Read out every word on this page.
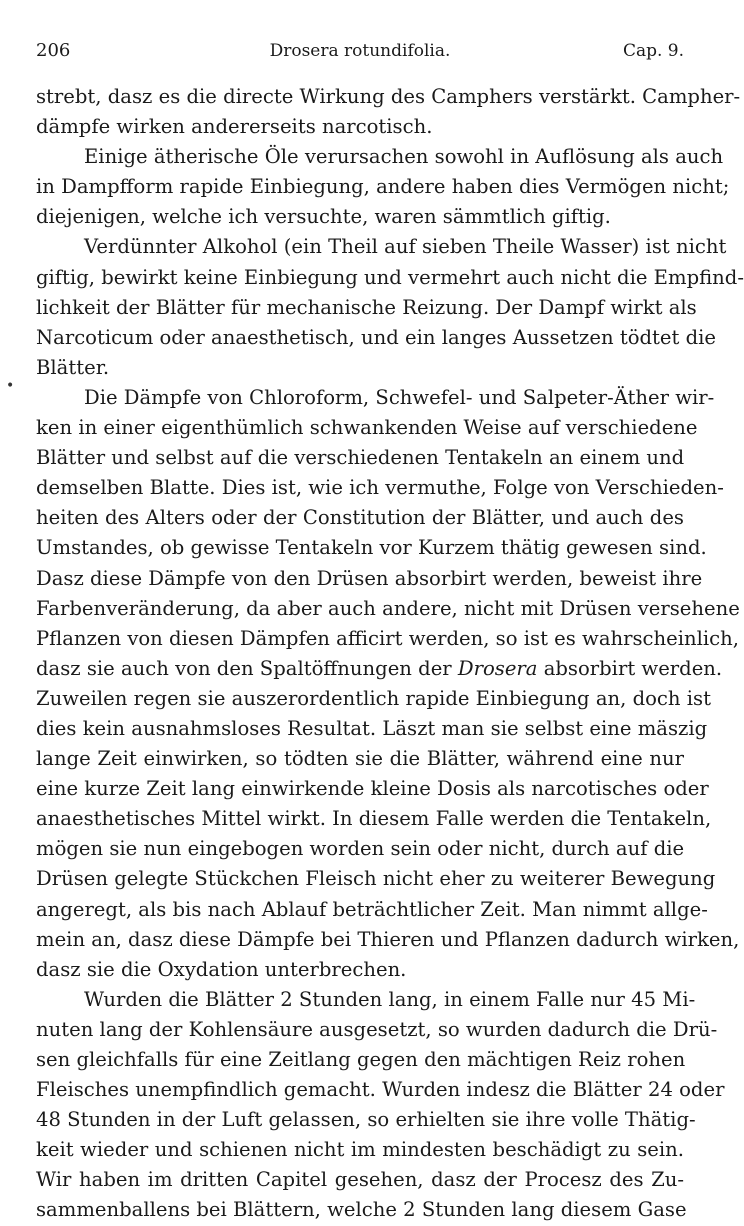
206	Drosera rotundifolia.	Cap. 9.
strebt, dasz es die directe Wirkung des Camphers verstärkt. Campher-
dämpfe wirken andererseits narcotisch.
Einige ätherische Öle verursachen sowohl in Auflösung als auch
in Dampfform rapide Einbiegung, andere haben dies Vermögen nicht;
diejenigen, welche ich versuchte, waren sämmtlich giftig.
Verdünnter Alkohol (ein Theil auf sieben Theile Wasser) ist nicht
giftig, bewirkt keine Einbiegung und vermehrt auch nicht die Empfind-
lichkeit der Blätter für mechanische Reizung. Der Dampf wirkt als
Narcoticum oder anaesthetisch, und ein langes Aussetzen tödtet die
Blätter.
Die Dämpfe von Chloroform, Schwefel- und Salpeter-Äther wir-
ken in einer eigenthümlich schwankenden Weise auf verschiedene
Blätter und selbst auf die verschiedenen Tentakeln an einem und
demselben Blatte. Dies ist, wie ich vermuthe, Folge von Verschieden-
heiten des Alters oder der Constitution der Blätter, und auch des
Umstandes, ob gewisse Tentakeln vor Kurzem thätig gewesen sind.
Dasz diese Dämpfe von den Drüsen absorbirt werden, beweist ihre
Farbenveränderung, da aber auch andere, nicht mit Drüsen versehene
Pflanzen von diesen Dämpfen afficirt werden, so ist es wahrscheinlich,
dasz sie auch von den Spaltöffnungen der Drosera absorbirt werden.
Zuweilen regen sie auszerordentlich rapide Einbiegung an, doch ist
dies kein ausnahmsloses Resultat. Läszt man sie selbst eine mäszig
lange Zeit einwirken, so tödten sie die Blätter, während eine nur
eine kurze Zeit lang einwirkende kleine Dosis als narcotisches oder
anaesthetisches Mittel wirkt. In diesem Falle werden die Tentakeln,
mögen sie nun eingebogen worden sein oder nicht, durch auf die
Drüsen gelegte Stückchen Fleisch nicht eher zu weiterer Bewegung
angeregt, als bis nach Ablauf beträchtlicher Zeit. Man nimmt allge-
mein an, dasz diese Dämpfe bei Thieren und Pflanzen dadurch wirken,
dasz sie die Oxydation unterbrechen.
Wurden die Blätter 2 Stunden lang, in einem Falle nur 45 Mi-
nuten lang der Kohlensäure ausgesetzt, so wurden dadurch die Drü-
sen gleichfalls für eine Zeitlang gegen den mächtigen Reiz rohen
Fleisches unempfindlich gemacht. Wurden indesz die Blätter 24 oder
48 Stunden in der Luft gelassen, so erhielten sie ihre volle Thätig-
keit wieder und schienen nicht im mindesten beschädigt zu sein.
Wir haben im dritten Capitel gesehen, dasz der Procesz des Zu-
sammenballens bei Blättern, welche 2 Stunden lang diesem Gase
•
